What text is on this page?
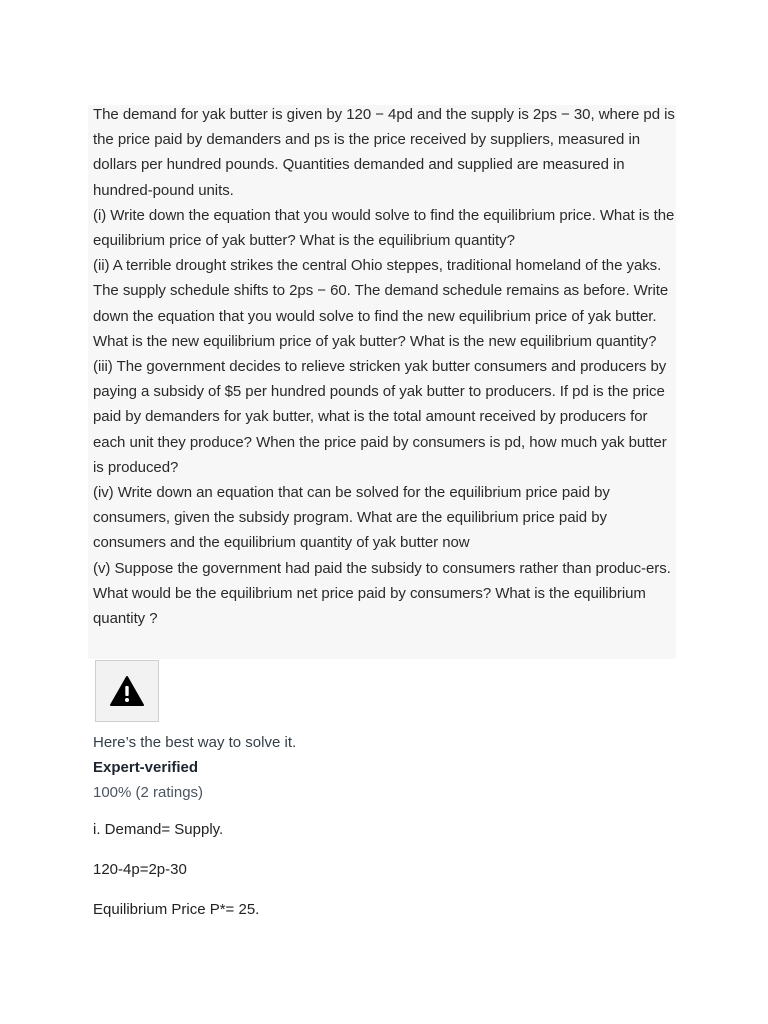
The demand for yak butter is given by 120 − 4pd and the supply is 2ps − 30, where pd is the price paid by demanders and ps is the price received by suppliers, measured in dollars per hundred pounds. Quantities demanded and supplied are measured in hundred-pound units.

(i) Write down the equation that you would solve to find the equilibrium price. What is the equilibrium price of yak butter? What is the equilibrium quantity?

(ii) A terrible drought strikes the central Ohio steppes, traditional homeland of the yaks. The supply schedule shifts to 2ps − 60. The demand schedule remains as before. Write down the equation that you would solve to find the new equilibrium price of yak butter. What is the new equilibrium price of yak butter? What is the new equilibrium quantity?

(iii) The government decides to relieve stricken yak butter consumers and producers by paying a subsidy of $5 per hundred pounds of yak butter to producers. If pd is the price paid by demanders for yak butter, what is the total amount received by producers for each unit they produce? When the price paid by consumers is pd, how much yak butter is produced?

(iv) Write down an equation that can be solved for the equilibrium price paid by consumers, given the subsidy program. What are the equilibrium price paid by consumers and the equilibrium quantity of yak butter now

(v) Suppose the government had paid the subsidy to consumers rather than produc-ers. What would be the equilibrium net price paid by consumers? What is the equilibrium quantity ?

Here’s the best way to solve it.

Expert-verified

100% (2 ratings)

i. Demand= Supply.

120-4p=2p-30

Equilibrium Price P*= 25.
